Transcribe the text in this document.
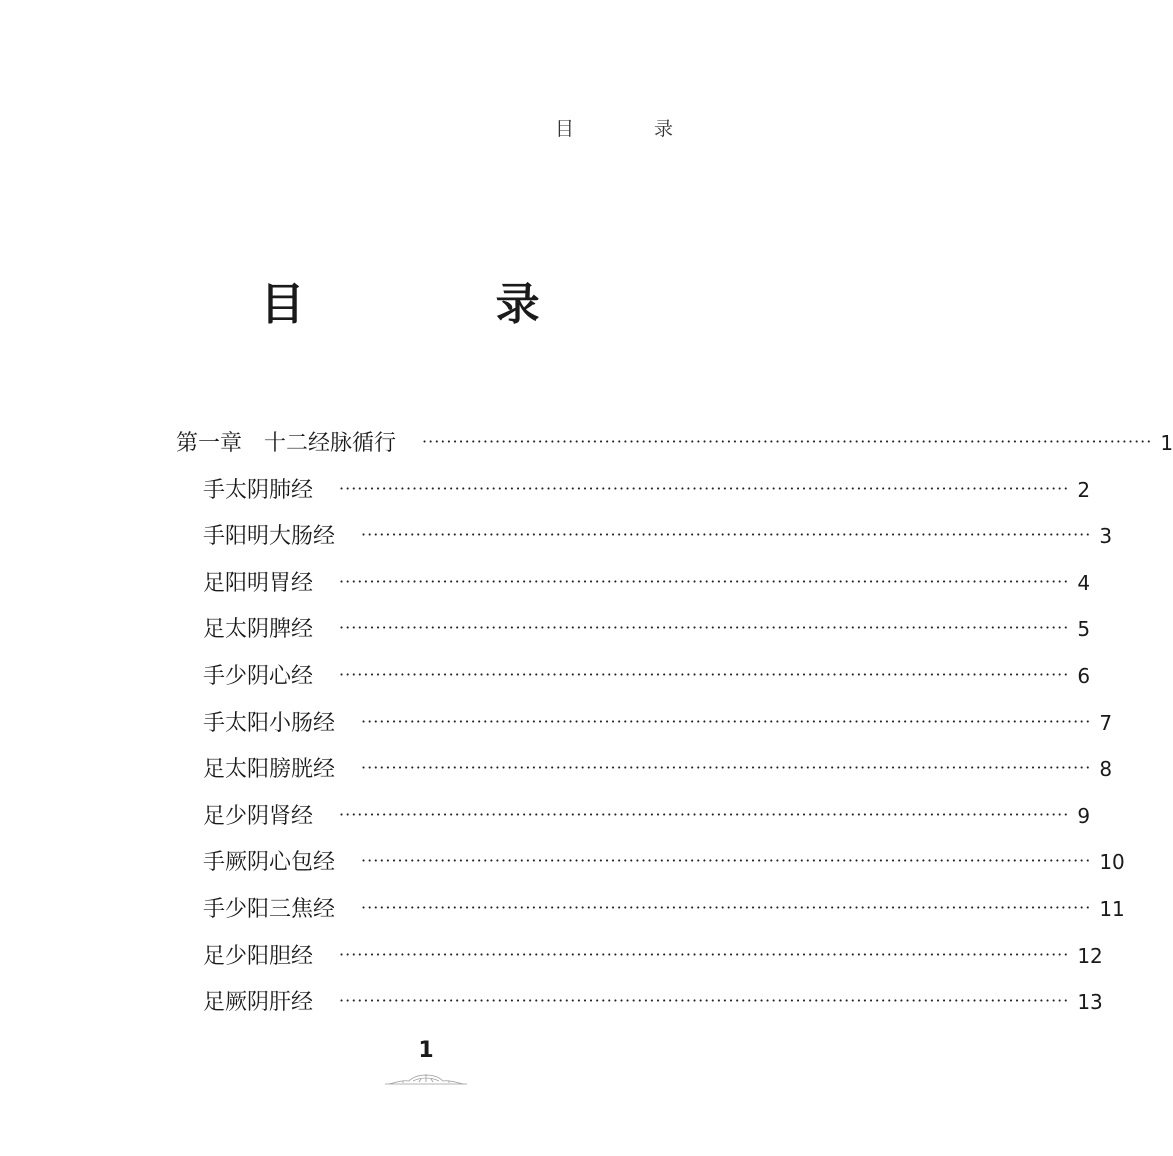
目 录
目 录
第一章　十二经脉循行	························································································································ 1
手太阴肺经	························································································································ 2
手阳明大肠经	························································································································ 3
足阳明胃经	························································································································ 4
足太阴脾经	························································································································ 5
手少阴心经	························································································································ 6
手太阳小肠经	························································································································ 7
足太阳膀胱经	························································································································ 8
足少阴肾经	························································································································ 9
手厥阴心包经	························································································································ 10
手少阳三焦经	························································································································ 11
足少阳胆经	························································································································ 12
足厥阴肝经	························································································································ 13
1
